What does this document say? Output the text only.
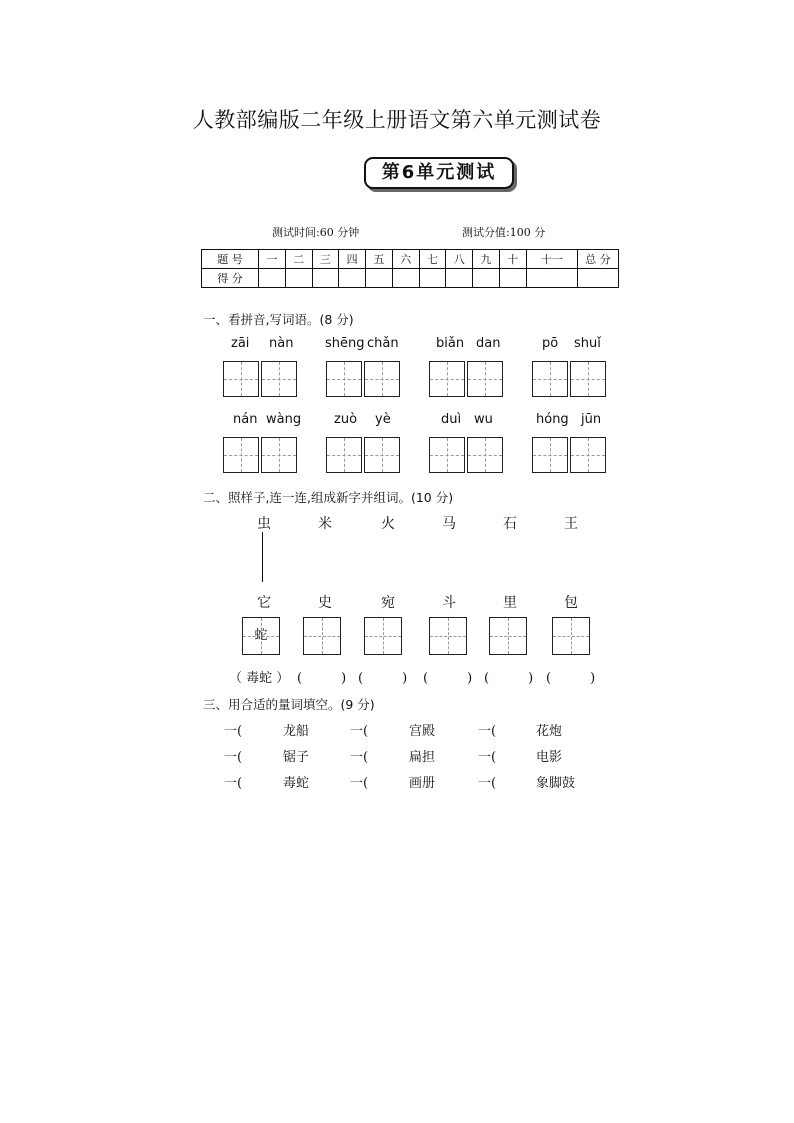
人教部编版二年级上册语文第六单元测试卷
第6单元测试
测试时间:60 分钟	测试分值:100 分
题 号	一	二	三	四	五	六	七	八	九	十	十一	总 分
得 分												
一、看拼音,写词语。(8 分)
zāi nàn shēng chǎn	biǎn dan	pō shuǐ
nán wàng	zuò yè	duì wu	hóng jūn
二、照样子,连一连,组成新字并组词。(10 分)
虫	米	火	马	石	王
它	史	宛	斗	里	包
蛇
（ 毒蛇 ） (　　　) (　　　) (　　　) (　　　) (　　　)
三、用合适的量词填空。(9 分)
一(	龙船	一(	宫殿	一(	花炮
一(	锯子	一(	扁担	一(	电影
一(	毒蛇	一(	画册	一(	象脚鼓
